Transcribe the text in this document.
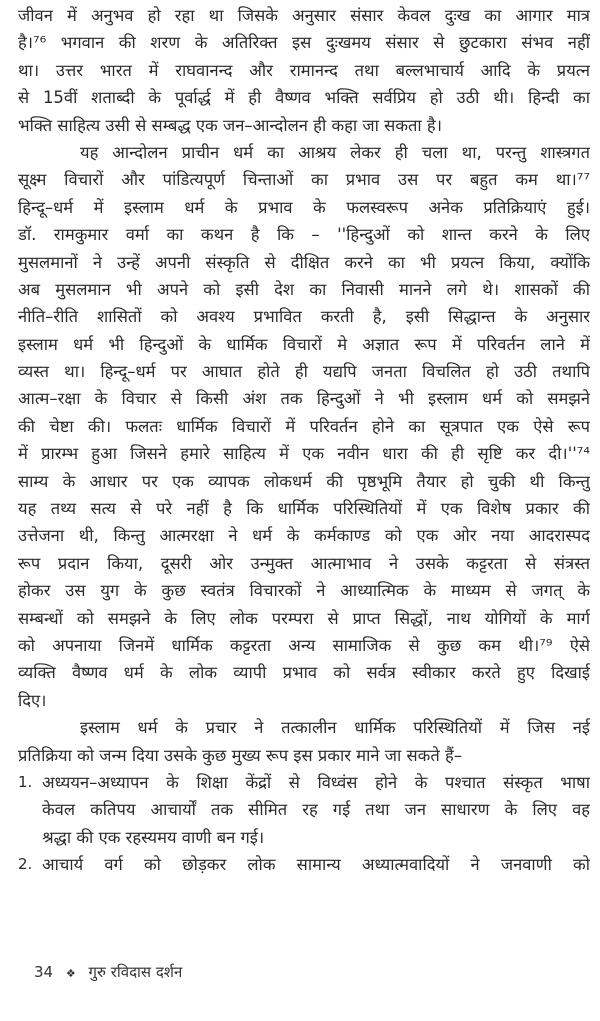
जीवन में अनुभव हो रहा था जिसके अनुसार संसार केवल दुःख का आगार मात्र
है।⁷⁶ भगवान की शरण के अतिरिक्त इस दुःखमय संसार से छुटकारा संभव नहीं
था। उत्तर भारत में राघवानन्द और रामानन्द तथा बल्लभाचार्य आदि के प्रयत्न
से 15वीं शताब्दी के पूर्वार्द्ध में ही वैष्णव भक्ति सर्वप्रिय हो उठी थी। हिन्दी का
भक्ति साहित्य उसी से सम्बद्ध एक जन–आन्दोलन ही कहा जा सकता है।
यह आन्दोलन प्राचीन धर्म का आश्रय लेकर ही चला था, परन्तु शास्त्रगत
सूक्ष्म विचारों और पांडित्यपूर्ण चिन्ताओं का प्रभाव उस पर बहुत कम था।⁷⁷
हिन्दू–धर्म में इस्लाम धर्म के प्रभाव के फलस्वरूप अनेक प्रतिक्रियाएं हुई।
डॉ. रामकुमार वर्मा का कथन है कि – ''हिन्दुओं को शान्त करने के लिए
मुसलमानों ने उन्हें अपनी संस्कृति से दीक्षित करने का भी प्रयत्न किया, क्योंकि
अब मुसलमान भी अपने को इसी देश का निवासी मानने लगे थे। शासकों की
नीति–रीति शासितों को अवश्य प्रभावित करती है, इसी सिद्धान्त के अनुसार
इस्लाम धर्म भी हिन्दुओं के धार्मिक विचारों मे अज्ञात रूप में परिवर्तन लाने में
व्यस्त था। हिन्दू–धर्म पर आघात होते ही यद्यपि जनता विचलित हो उठी तथापि
आत्म–रक्षा के विचार से किसी अंश तक हिन्दुओं ने भी इस्लाम धर्म को समझने
की चेष्टा की। फलतः धार्मिक विचारों में परिवर्तन होने का सूत्रपात एक ऐसे रूप
में प्रारम्भ हुआ जिसने हमारे साहित्य में एक नवीन धारा की ही सृष्टि कर दी।''⁷⁴
साम्य के आधार पर एक व्यापक लोकधर्म की पृष्ठभूमि तैयार हो चुकी थी किन्तु
यह तथ्य सत्य से परे नहीं है कि धार्मिक परिस्थितियों में एक विशेष प्रकार की
उत्तेजना थी, किन्तु आत्मरक्षा ने धर्म के कर्मकाण्ड को एक ओर नया आदरास्पद
रूप प्रदान किया, दूसरी ओर उन्मुक्त आत्माभाव ने उसके कट्टरता से संत्रस्त
होकर उस युग के कुछ स्वतंत्र विचारकों ने आध्यात्मिक के माध्यम से जगत् के
सम्बन्धों को समझने के लिए लोक परम्परा से प्राप्त सिद्धों, नाथ योगियों के मार्ग
को अपनाया जिनमें धार्मिक कट्टरता अन्य सामाजिक से कुछ कम थी।⁷⁹ ऐसे
व्यक्ति वैष्णव धर्म के लोक व्यापी प्रभाव को सर्वत्र स्वीकार करते हुए दिखाई
दिए।
इस्लाम धर्म के प्रचार ने तत्कालीन धार्मिक परिस्थितियों में जिस नई
प्रतिक्रिया को जन्म दिया उसके कुछ मुख्य रूप इस प्रकार माने जा सकते हैं–
1. अध्ययन–अध्यापन के शिक्षा केंद्रों से विध्वंस होने के पश्चात संस्कृत भाषा
केवल कतिपय आचार्यों तक सीमित रह गई तथा जन साधारण के लिए वह
श्रद्धा की एक रहस्यमय वाणी बन गई।
2. आचार्य वर्ग को छोड़कर लोक सामान्य अध्यात्मवादियों ने जनवाणी को
34 ❖ गुरु रविदास दर्शन
